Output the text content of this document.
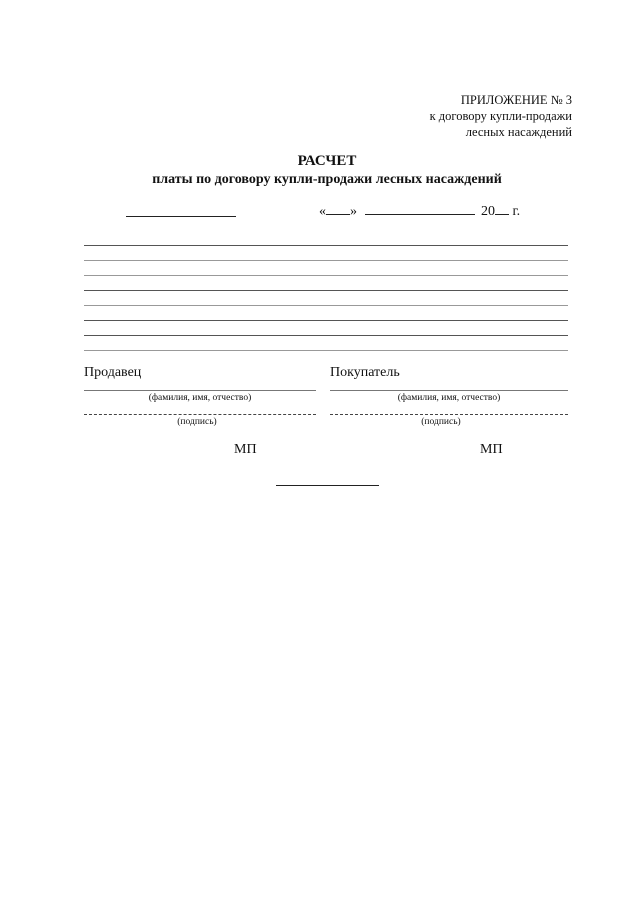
ПРИЛОЖЕНИЕ № 3
к договору купли-продажи
лесных насаждений
РАСЧЕТ
платы по договору купли-продажи лесных насаждений
« »	20 г.
Продавец
(фамилия, имя, отчество)
(подпись)
МП
Покупатель
(фамилия, имя, отчество)
(подпись)
МП
